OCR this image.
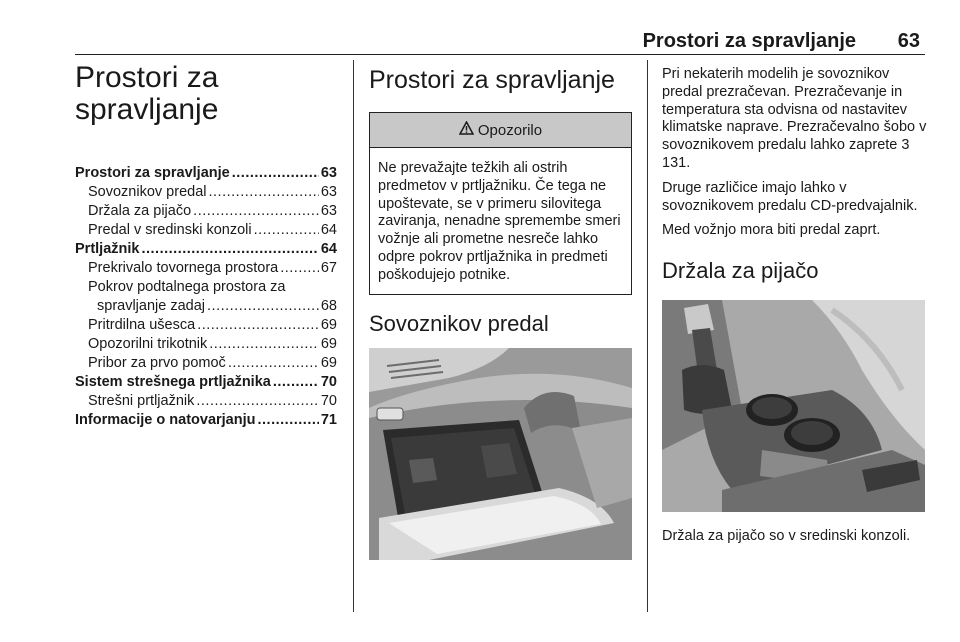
Prostori za spravljanje	63
Prostori za
spravljanje
Prostori za spravljanje .....	63
Sovoznikov predal .....	63
Držala za pijačo .....	63
Predal v sredinski konzoli .....	64
Prtljažnik .....	64
Prekrivalo tovornega prostora .....	67
Pokrov podtalnega prostora za
spravljanje zadaj .....	68
Pritrdilna ušesca .....	69
Opozorilni trikotnik .....	69
Pribor za prvo pomoč .....	69
Sistem strešnega prtljažnika .....	70
Strešni prtljažnik .....	70
Informacije o natovarjanju .....	71
Prostori za spravljanje
Opozorilo
Ne prevažajte težkih ali ostrih predmetov v prtljažniku. Če tega ne upoštevate, se v primeru silovitega zaviranja, nenadne spremembe smeri vožnje ali prometne nesreče lahko odpre pokrov prtljažnika in predmeti poškodujejo potnike.
Sovoznikov predal

Pri nekaterih modelih je sovoznikov predal prezračevan. Prezračevanje in temperatura sta odvisna od nastavitev klimatske naprave. Prezračevalno šobo v sovoznikovem predalu lahko zaprete 3 131.

Druge različice imajo lahko v sovoznikovem predalu CD-predvajalnik.

Med vožnjo mora biti predal zaprt.

Držala za pijačo

Držala za pijačo so v sredinski konzoli.
